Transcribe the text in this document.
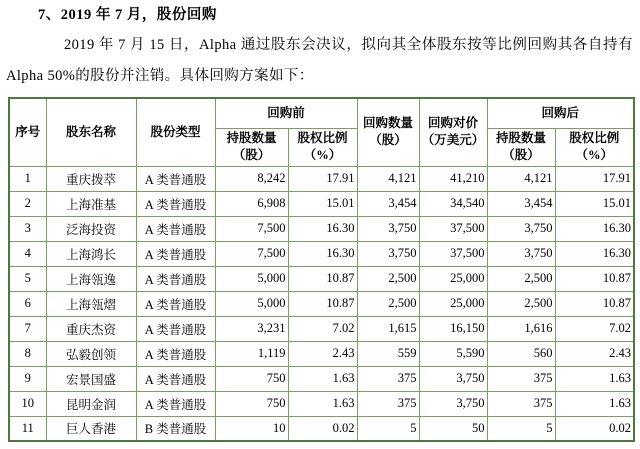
7、2019 年 7 月，股份回购
2019 年 7 月 15 日，Alpha 通过股东会决议，拟向其全体股东按等比例回购其各自持有 Alpha 50%的股份并注销。具体回购方案如下：
序号	股东名称	股份类型	回购前		回购数量（股）	回购对价（万美元）	回购后	
			持股数量（股）	股权比例（%）			持股数量（股）	股权比例（%）
1	重庆拨萃	A 类普通股	8,242	17.91	4,121	41,210	4,121	17.91
2	上海准基	A 类普通股	6,908	15.01	3,454	34,540	3,454	15.01
3	泛海投资	A 类普通股	7,500	16.30	3,750	37,500	3,750	16.30
4	上海鸿长	A 类普通股	7,500	16.30	3,750	37,500	3,750	16.30
5	上海瓴逸	A 类普通股	5,000	10.87	2,500	25,000	2,500	10.87
6	上海瓴熠	A 类普通股	5,000	10.87	2,500	25,000	2,500	10.87
7	重庆杰资	A 类普通股	3,231	7.02	1,615	16,150	1,616	7.02
8	弘毅创领	A 类普通股	1,119	2.43	559	5,590	560	2.43
9	宏景国盛	A 类普通股	750	1.63	375	3,750	375	1.63
10	昆明金润	A 类普通股	750	1.63	375	3,750	375	1.63
11	巨人香港	B 类普通股	10	0.02	5	50	5	0.02
